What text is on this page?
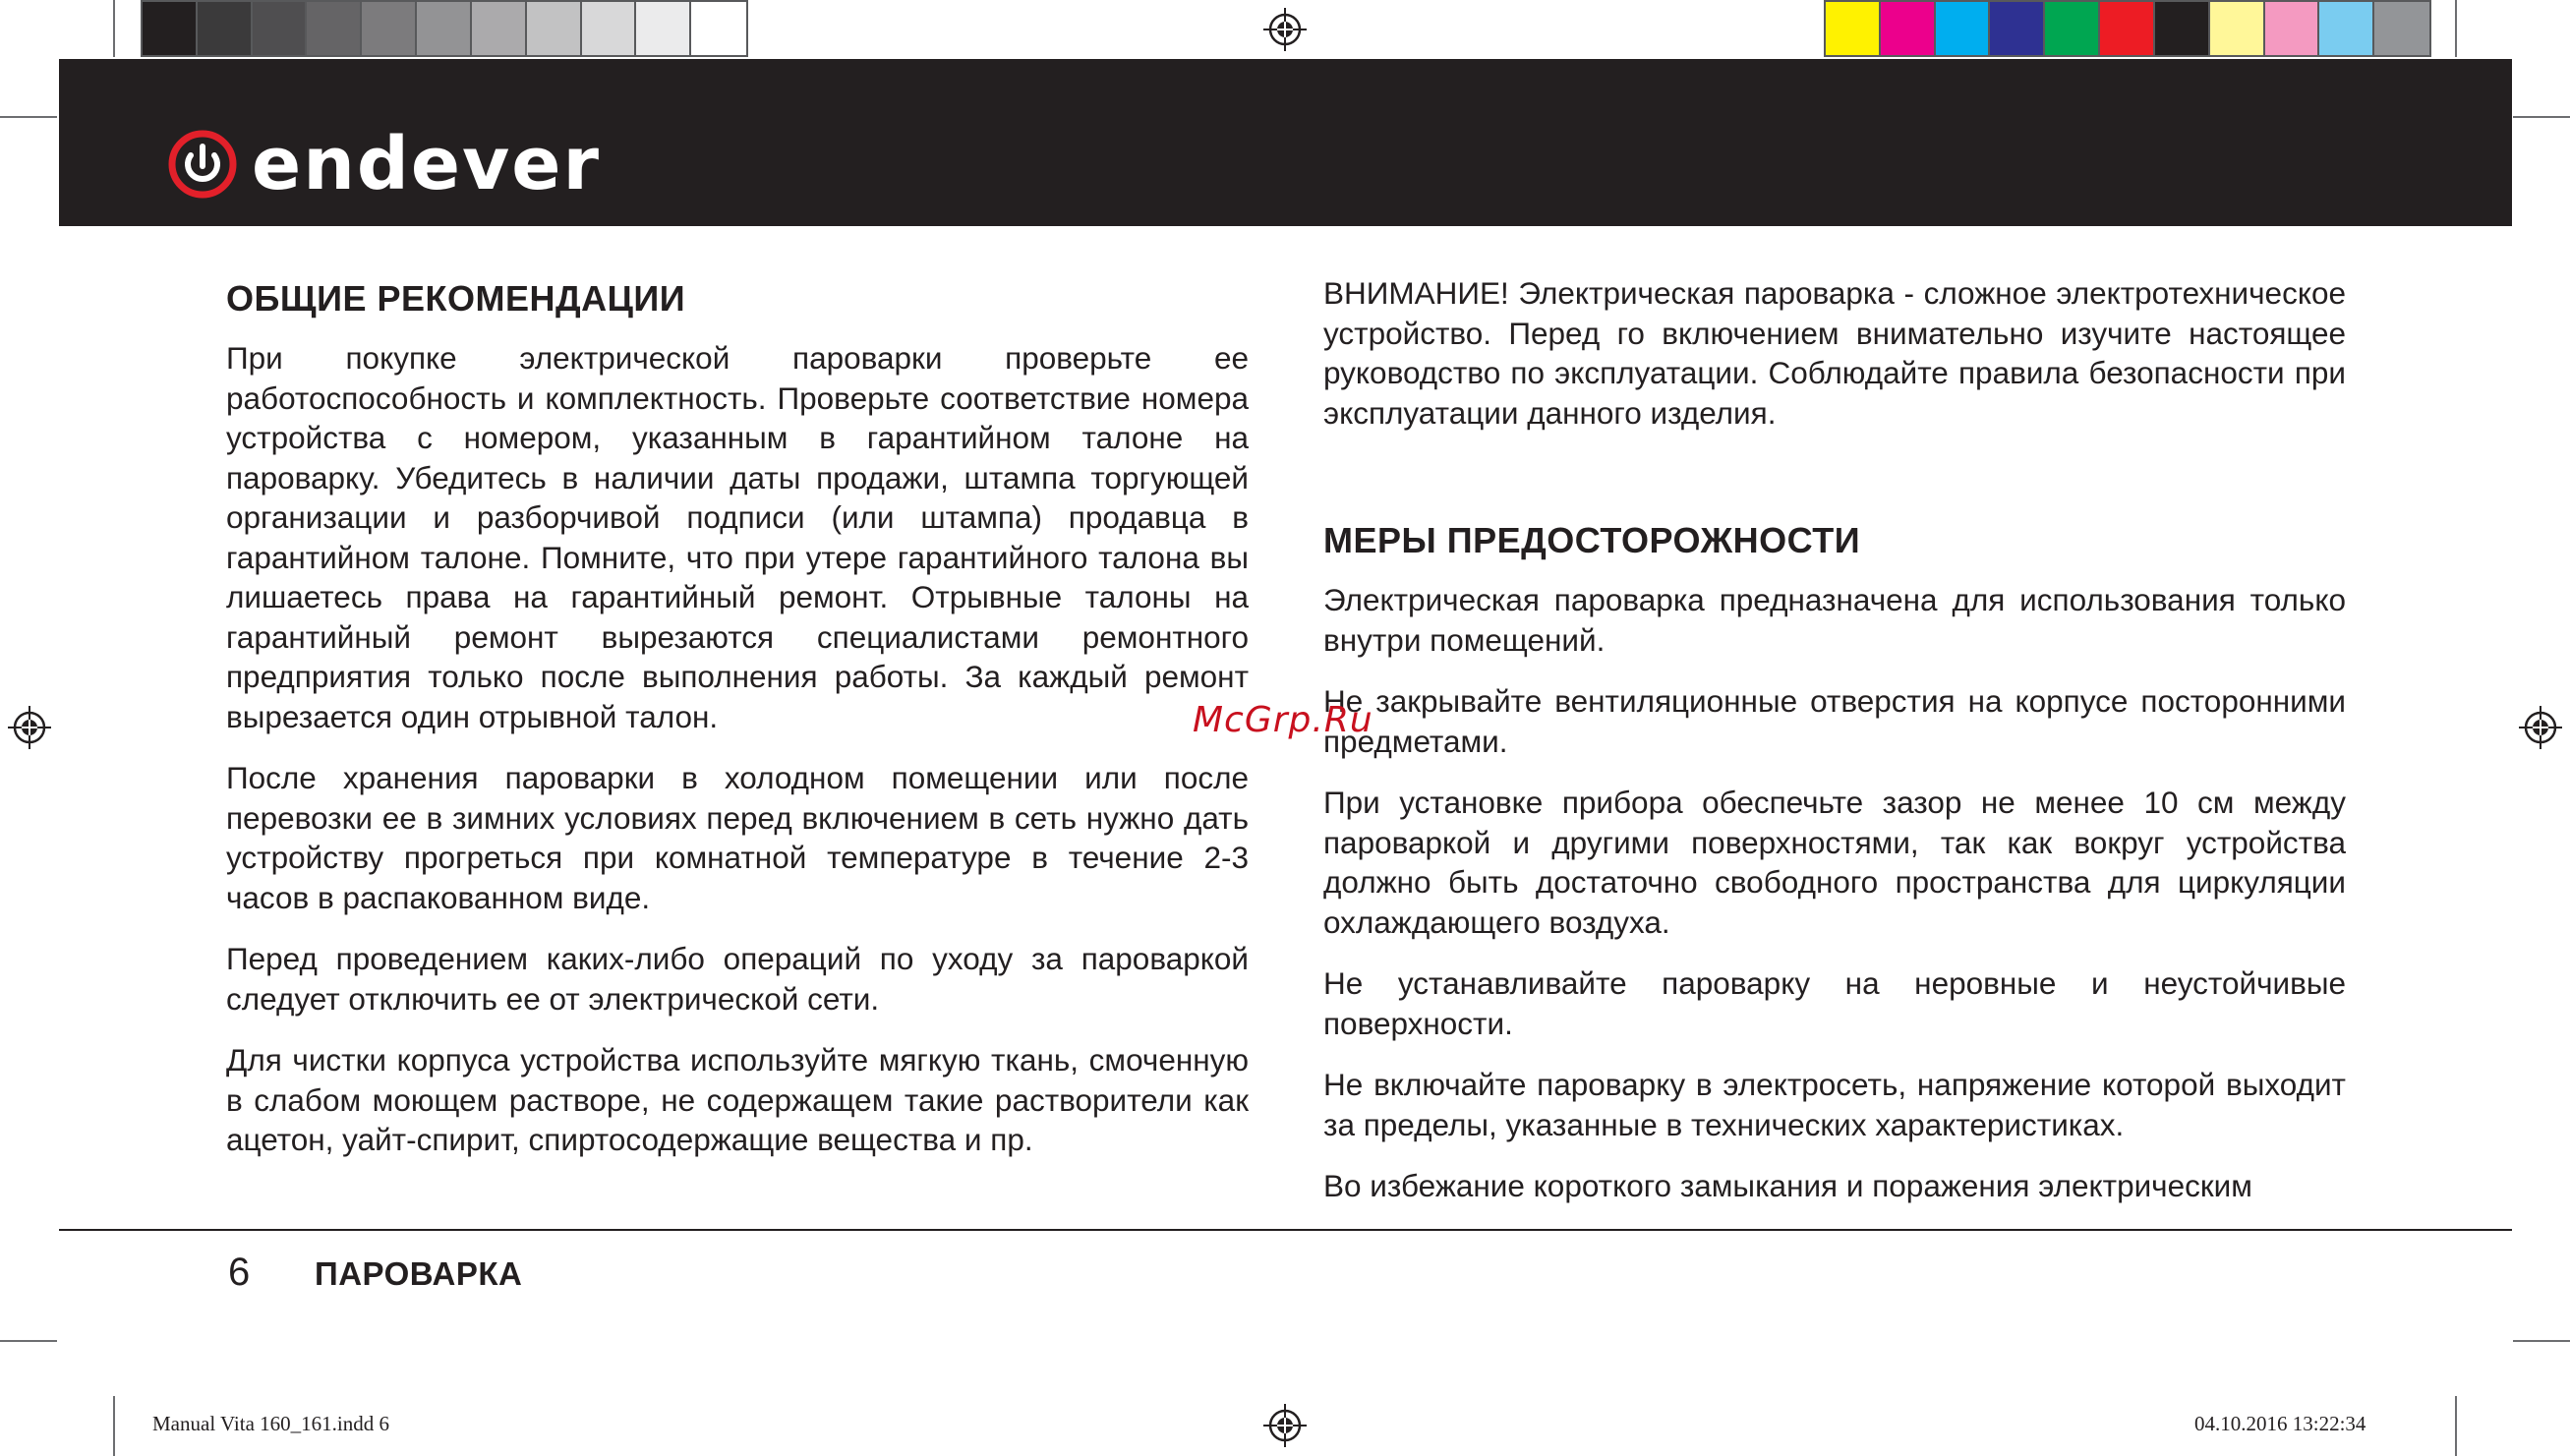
endever
ОБЩИЕ РЕКОМЕНДАЦИИ

При покупке электрической пароварки проверьте ее работоспособность и комплектность. Проверьте соответствие номера устройства с номером, указанным в гарантийном талоне на пароварку. Убедитесь в наличии даты продажи, штампа торгующей организации и разборчивой подписи (или штампа) продавца в гарантийном талоне. Помните, что при утере гарантийного талона вы лишаетесь права на гарантийный ремонт. Отрывные талоны на гарантийный ремонт вырезаются специалистами ремонтного предприятия только после выполнения работы. За каждый ремонт вырезается один отрывной талон.

После хранения пароварки в холодном помещении или после перевозки ее в зимних условиях перед включением в сеть нужно дать устройству прогреться при комнатной температуре в течение 2-3 часов в распакованном виде.

Перед проведением каких-либо операций по уходу за пароваркой следует отключить ее от электрической сети.

Для чистки корпуса устройства используйте мягкую ткань, смоченную в слабом моющем растворе, не содержащем такие растворители как ацетон, уайт-спирит, спиртосодержащие вещества и пр.

ВНИМАНИЕ! Электрическая пароварка - сложное электротехническое устройство. Перед го включением внимательно изучите настоящее руководство по эксплуатации. Соблюдайте правила безопасности при эксплуатации данного изделия.

МЕРЫ ПРЕДОСТОРОЖНОСТИ

Электрическая пароварка предназначена для использования только внутри помещений.

Не закрывайте вентиляционные отверстия на корпусе посторонними предметами.

При установке прибора обеспечьте зазор не менее 10 см между пароваркой и другими поверхностями, так как вокруг устройства должно быть достаточно свободного пространства для циркуляции охлаждающего воздуха.

Не устанавливайте пароварку на неровные и неустойчивые поверхности.

Не включайте пароварку в электросеть, напряжение которой выходит за пределы, указанные в технических характеристиках.

Во избежание короткого замыкания и поражения электрическим

McGrp.Ru
6 ПАРОВАРКА
Manual Vita 160_161.indd 6	04.10.2016 13:22:34
